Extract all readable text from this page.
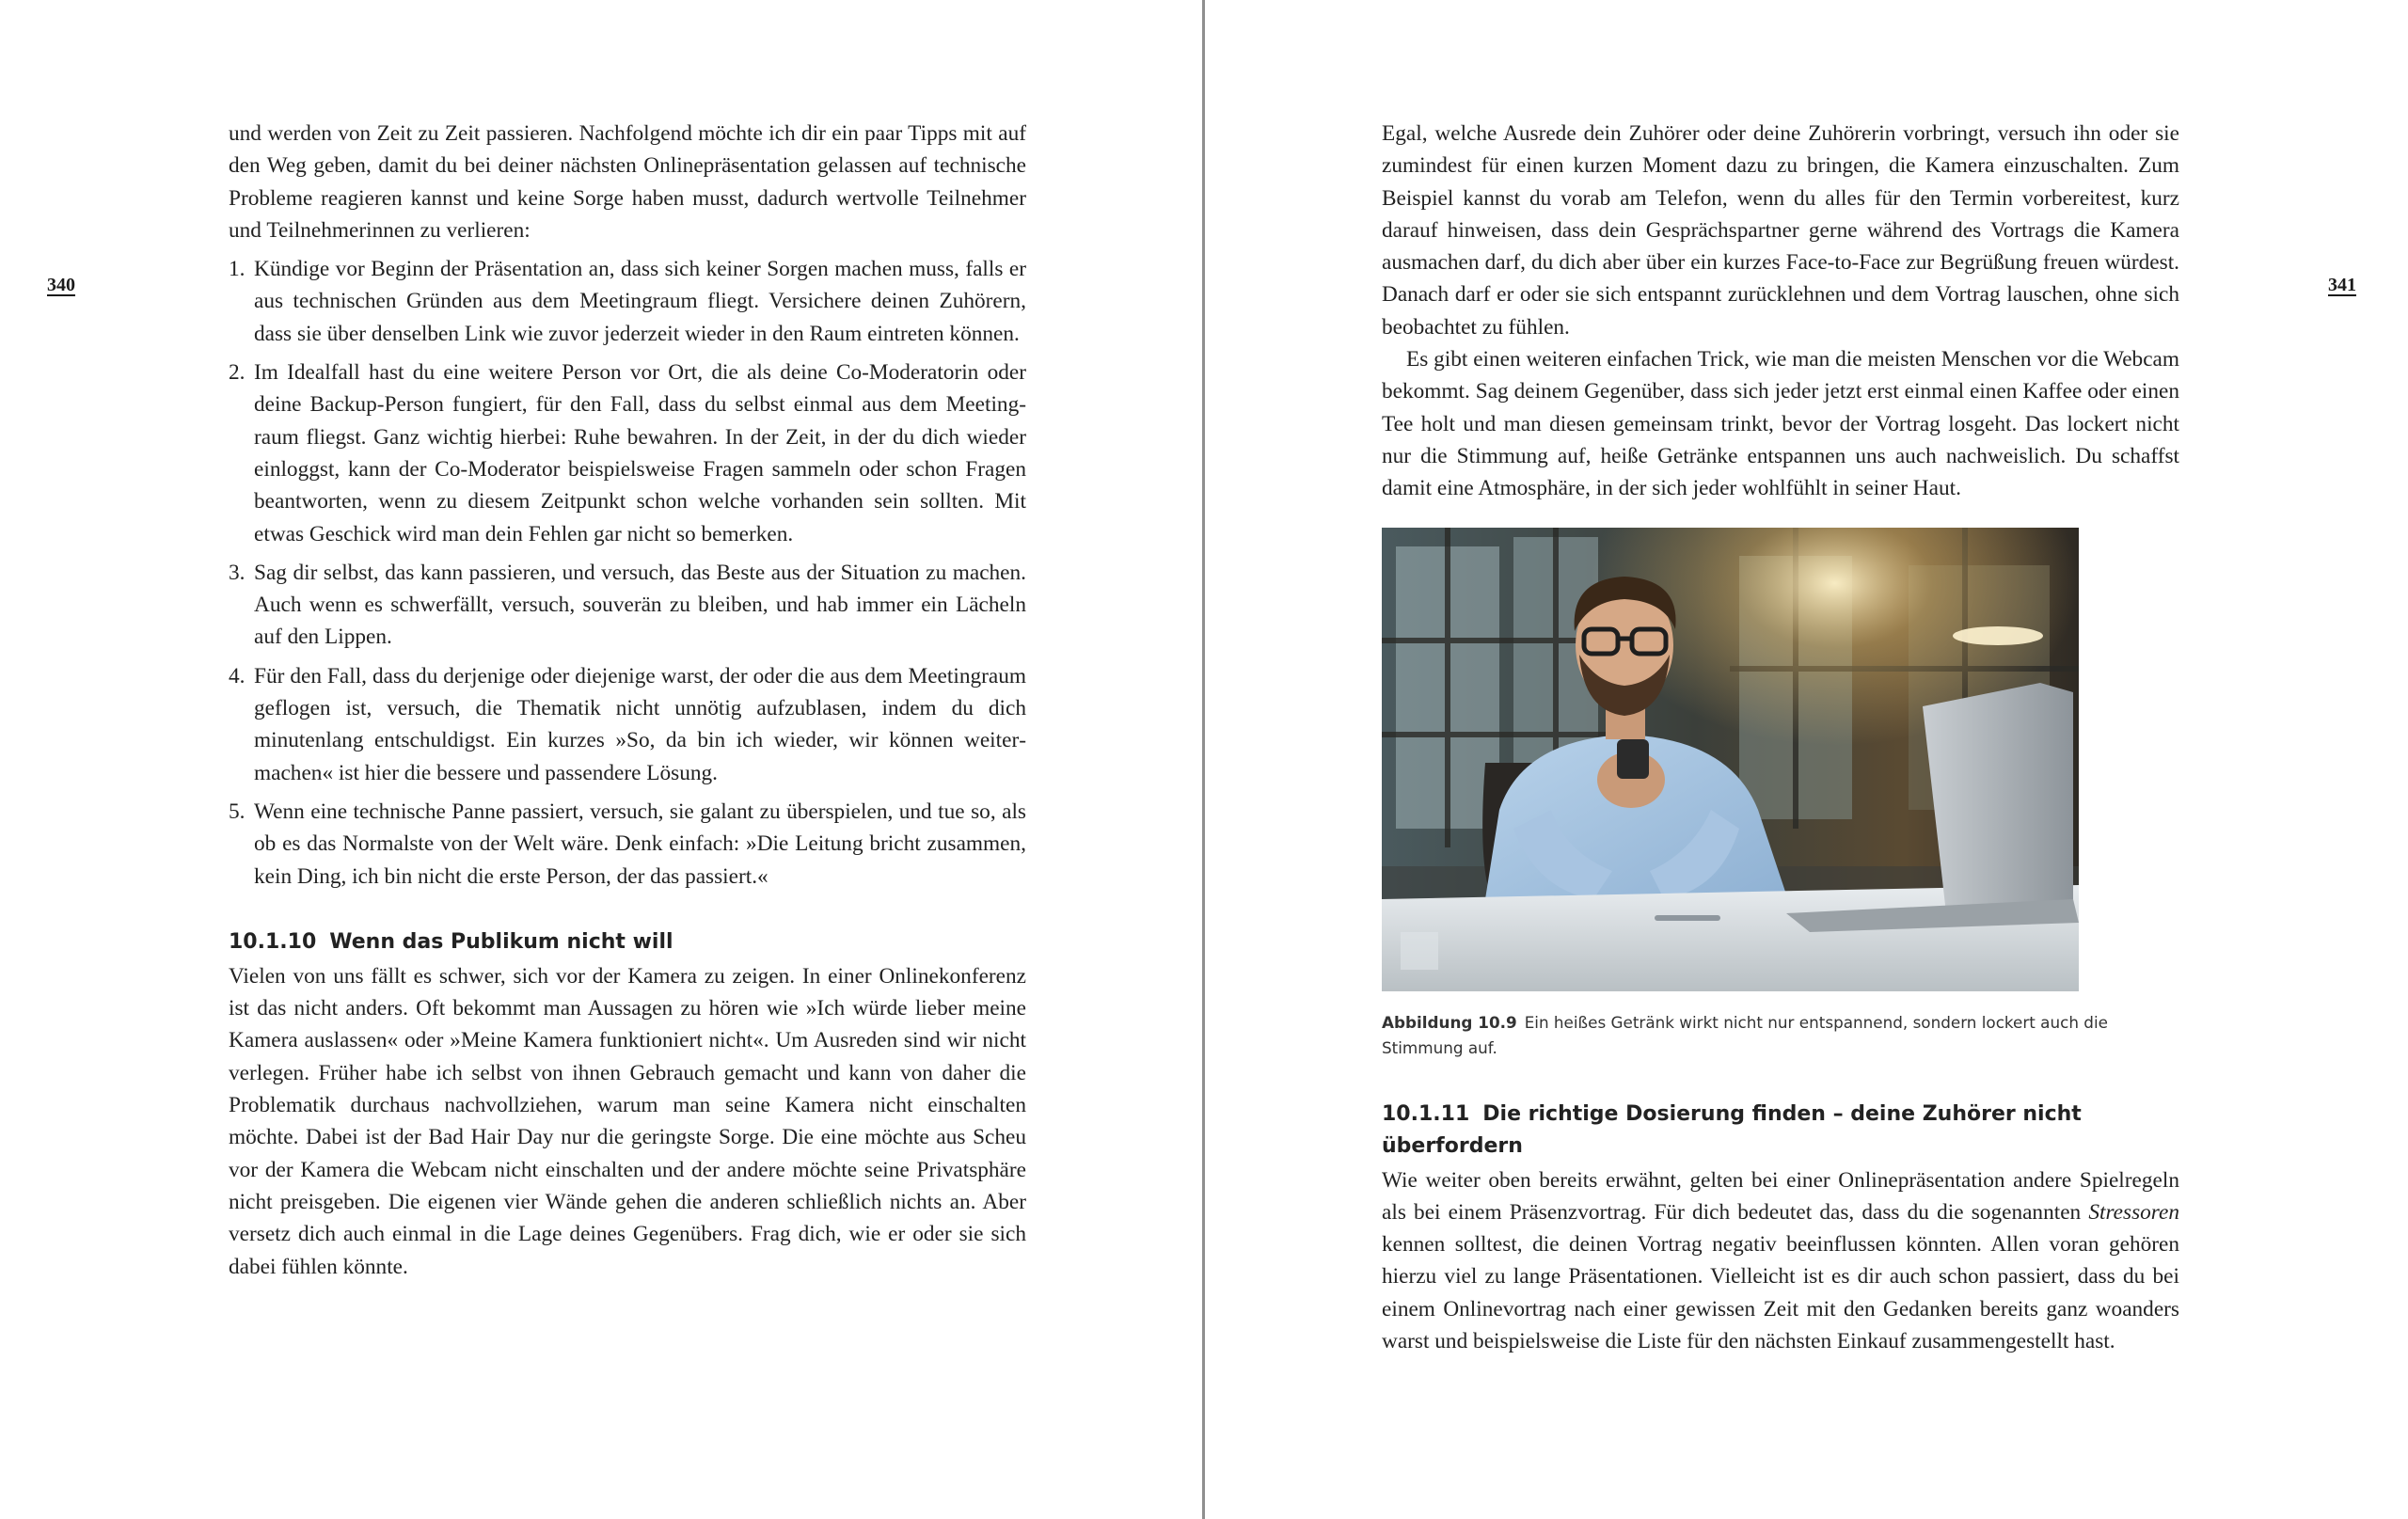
340

und werden von Zeit zu Zeit passieren. Nachfolgend möchte ich dir ein paar Tipps mit auf den Weg geben, damit du bei deiner nächsten Onlinepräsentation gelassen auf technische Probleme reagieren kannst und keine Sorge haben musst, dadurch wertvolle Teilnehmer und Teilnehmerinnen zu verlieren:

1. Kündige vor Beginn der Präsentation an, dass sich keiner Sorgen machen muss, falls er aus technischen Gründen aus dem Meetingraum fliegt. Versichere deinen Zuhörern, dass sie über denselben Link wie zuvor jederzeit wieder in den Raum eintreten können.
2. Im Idealfall hast du eine weitere Person vor Ort, die als deine Co-Moderatorin oder deine Backup-Person fungiert, für den Fall, dass du selbst einmal aus dem Meetingraum fliegst. Ganz wichtig hierbei: Ruhe bewahren. In der Zeit, in der du dich wieder einloggst, kann der Co-Moderator beispielsweise Fragen sammeln oder schon Fragen beantworten, wenn zu diesem Zeitpunkt schon welche vorhanden sein sollten. Mit etwas Geschick wird man dein Fehlen gar nicht so bemerken.
3. Sag dir selbst, das kann passieren, und versuch, das Beste aus der Situation zu machen. Auch wenn es schwerfällt, versuch, souverän zu bleiben, und hab immer ein Lächeln auf den Lippen.
4. Für den Fall, dass du derjenige oder diejenige warst, der oder die aus dem Meetingraum geflogen ist, versuch, die Thematik nicht unnötig aufzublasen, indem du dich minutenlang entschuldigst. Ein kurzes »So, da bin ich wieder, wir können weitermachen« ist hier die bessere und passendere Lösung.
5. Wenn eine technische Panne passiert, versuch, sie galant zu überspielen, und tue so, als ob es das Normalste von der Welt wäre. Denk einfach: »Die Leitung bricht zusammen, kein Ding, ich bin nicht die erste Person, der das passiert.«
10.1.10 Wenn das Publikum nicht will

Vielen von uns fällt es schwer, sich vor der Kamera zu zeigen. In einer Onlinekonferenz ist das nicht anders. Oft bekommt man Aussagen zu hören wie »Ich würde lieber meine Kamera auslassen« oder »Meine Kamera funktioniert nicht«. Um Ausreden sind wir nicht verlegen. Früher habe ich selbst von ihnen Gebrauch gemacht und kann von daher die Problematik durchaus nachvollziehen, warum man seine Kamera nicht einschalten möchte. Dabei ist der Bad Hair Day nur die geringste Sorge. Die eine möchte aus Scheu vor der Kamera die Webcam nicht einschalten und der andere möchte seine Privatsphäre nicht preisgeben. Die eigenen vier Wände gehen die anderen schließlich nichts an. Aber versetz dich auch einmal in die Lage deines Gegenübers. Frag dich, wie er oder sie sich dabei fühlen könnte.

341

Egal, welche Ausrede dein Zuhörer oder deine Zuhörerin vorbringt, versuch ihn oder sie zumindest für einen kurzen Moment dazu zu bringen, die Kamera einzuschalten. Zum Beispiel kannst du vorab am Telefon, wenn du alles für den Termin vorbereitest, kurz darauf hinweisen, dass dein Gesprächspartner gerne während des Vortrags die Kamera ausmachen darf, du dich aber über ein kurzes Face-to-Face zur Begrüßung freuen würdest. Danach darf er oder sie sich entspannt zurücklehnen und dem Vortrag lauschen, ohne sich beobachtet zu fühlen.

Es gibt einen weiteren einfachen Trick, wie man die meisten Menschen vor die Webcam bekommt. Sag deinem Gegenüber, dass sich jeder jetzt erst einmal einen Kaffee oder einen Tee holt und man diesen gemeinsam trinkt, bevor der Vortrag losgeht. Das lockert nicht nur die Stimmung auf, heiße Getränke entspannen uns auch nachweislich. Du schaffst damit eine Atmosphäre, in der sich jeder wohlfühlt in seiner Haut.

Abbildung 10.9 Ein heißes Getränk wirkt nicht nur entspannend, sondern lockert auch die Stimmung auf.
10.1.11 Die richtige Dosierung finden – deine Zuhörer nicht überfordern

Wie weiter oben bereits erwähnt, gelten bei einer Onlinepräsentation andere Spielregeln als bei einem Präsenzvortrag. Für dich bedeutet das, dass du die sogenannten Stressoren kennen solltest, die deinen Vortrag negativ beeinflussen könnten. Allen voran gehören hierzu viel zu lange Präsentationen. Vielleicht ist es dir auch schon passiert, dass du bei einem Onlinevortrag nach einer gewissen Zeit mit den Gedanken bereits ganz woanders warst und beispielsweise die Liste für den nächsten Einkauf zusammengestellt hast.
